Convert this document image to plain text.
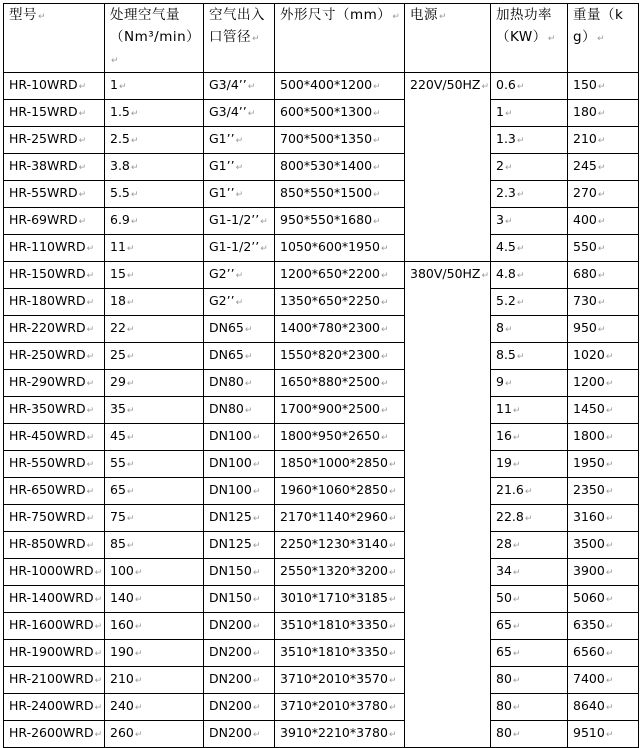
型号↵	处理空气量（Nm³/min）↵	空气出入口管径↵	外形尺寸（mm）↵	电源↵	加热功率（KW）↵	重量（kg）↵
HR-10WRD↵	1↵	G3/4’’↵	500*400*1200↵	220V/50HZ↵	0.6↵	150↵
HR-15WRD↵	1.5↵	G3/4’’↵	600*500*1300↵		1↵	180↵
HR-25WRD↵	2.5↵	G1’’↵	700*500*1350↵		1.3↵	210↵
HR-38WRD↵	3.8↵	G1’’↵	800*530*1400↵		2↵	245↵
HR-55WRD↵	5.5↵	G1’’↵	850*550*1500↵		2.3↵	270↵
HR-69WRD↵	6.9↵	G1-1/2’’↵	950*550*1680↵		3↵	400↵
HR-110WRD↵	11↵	G1-1/2’’↵	1050*600*1950↵		4.5↵	550↵
HR-150WRD↵	15↵	G2’’↵	1200*650*2200↵	380V/50HZ↵	4.8↵	680↵
HR-180WRD↵	18↵	G2’’↵	1350*650*2250↵		5.2↵	730↵
HR-220WRD↵	22↵	DN65↵	1400*780*2300↵		8↵	950↵
HR-250WRD↵	25↵	DN65↵	1550*820*2300↵		8.5↵	1020↵
HR-290WRD↵	29↵	DN80↵	1650*880*2500↵		9↵	1200↵
HR-350WRD↵	35↵	DN80↵	1700*900*2500↵		11↵	1450↵
HR-450WRD↵	45↵	DN100↵	1800*950*2650↵		16↵	1800↵
HR-550WRD↵	55↵	DN100↵	1850*1000*2850↵		19↵	1950↵
HR-650WRD↵	65↵	DN100↵	1960*1060*2850↵		21.6↵	2350↵
HR-750WRD↵	75↵	DN125↵	2170*1140*2960↵		22.8↵	3160↵
HR-850WRD↵	85↵	DN125↵	2250*1230*3140↵		28↵	3500↵
HR-1000WRD↵	100↵	DN150↵	2550*1320*3200↵		34↵	3900↵
HR-1400WRD↵	140↵	DN150↵	3010*1710*3185↵		50↵	5060↵
HR-1600WRD↵	160↵	DN200↵	3510*1810*3350↵		65↵	6350↵
HR-1900WRD↵	190↵	DN200↵	3510*1810*3350↵		65↵	6560↵
HR-2100WRD↵	210↵	DN200↵	3710*2010*3570↵		80↵	7400↵
HR-2400WRD↵	240↵	DN200↵	3710*2010*3780↵		80↵	8640↵
HR-2600WRD↵	260↵	DN200↵	3910*2210*3780↵		80↵	9510↵
